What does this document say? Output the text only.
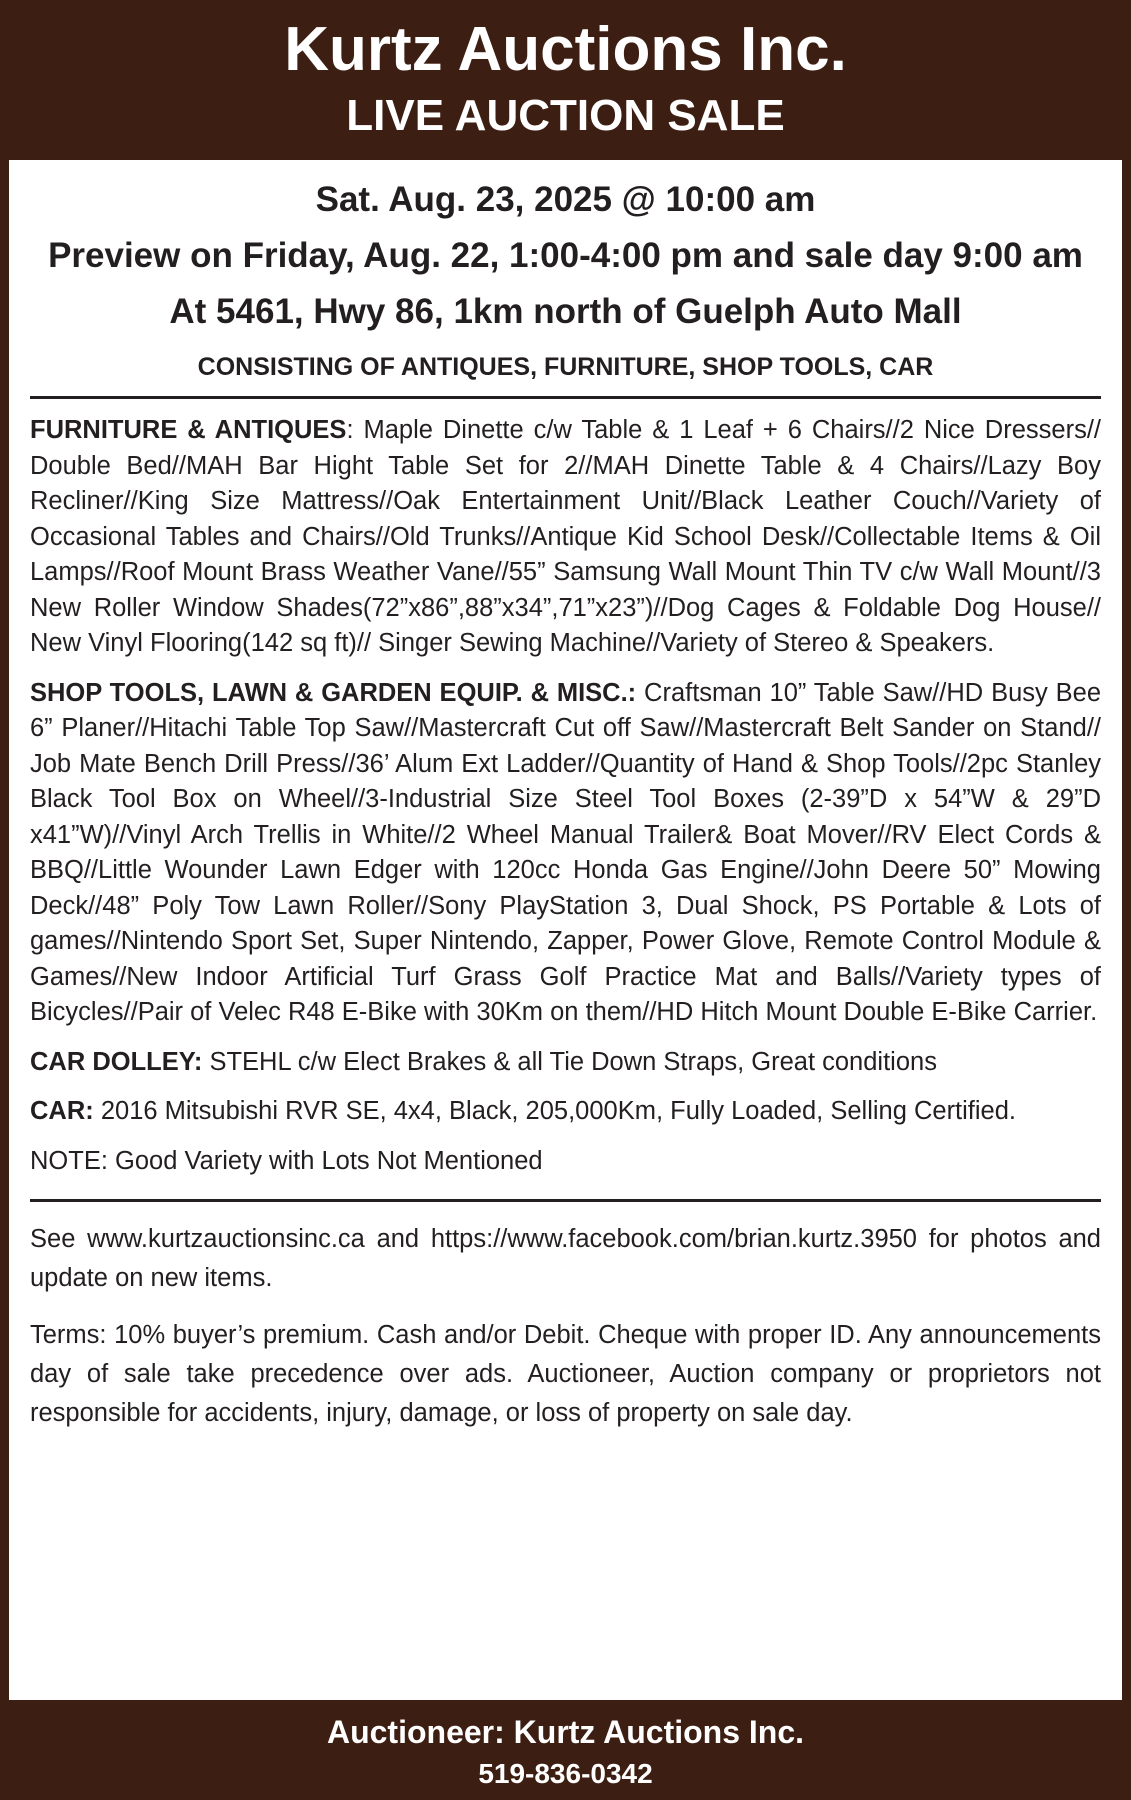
Kurtz Auctions Inc.
LIVE AUCTION SALE
Sat. Aug. 23, 2025 @ 10:00 am
Preview on Friday, Aug. 22, 1:00-4:00 pm and sale day 9:00 am
At 5461, Hwy 86, 1km north of Guelph Auto Mall
CONSISTING OF ANTIQUES, FURNITURE, SHOP TOOLS, CAR
FURNITURE & ANTIQUES: Maple Dinette c/w Table & 1 Leaf + 6 Chairs//2 Nice Dressers// Double Bed//MAH Bar Hight Table Set for 2//MAH Dinette Table & 4 Chairs//Lazy Boy Recliner//King Size Mattress//Oak Entertainment Unit//Black Leather Couch//Variety of Occasional Tables and Chairs//Old Trunks//Antique Kid School Desk//Collectable Items & Oil Lamps//Roof Mount Brass Weather Vane//55” Samsung Wall Mount Thin TV c/w Wall Mount//3 New Roller Window Shades(72”x86”,88”x34”,71”x23”)//Dog Cages & Foldable Dog House// New Vinyl Flooring(142 sq ft)// Singer Sewing Machine//Variety of Stereo & Speakers.
SHOP TOOLS, LAWN & GARDEN EQUIP. & MISC.: Craftsman 10” Table Saw//HD Busy Bee 6” Planer//Hitachi Table Top Saw//Mastercraft Cut off Saw//Mastercraft Belt Sander on Stand// Job Mate Bench Drill Press//36’ Alum Ext Ladder//Quantity of Hand & Shop Tools//2pc Stanley Black Tool Box on Wheel//3-Industrial Size Steel Tool Boxes (2-39”D x 54”W & 29”D x41”W)//Vinyl Arch Trellis in White//2 Wheel Manual Trailer& Boat Mover//RV Elect Cords & BBQ//Little Wounder Lawn Edger with 120cc Honda Gas Engine//John Deere 50” Mowing Deck//48” Poly Tow Lawn Roller//Sony PlayStation 3, Dual Shock, PS Portable & Lots of games//Nintendo Sport Set, Super Nintendo, Zapper, Power Glove, Remote Control Module & Games//New Indoor Artificial Turf Grass Golf Practice Mat and Balls//Variety types of Bicycles//Pair of Velec R48 E-Bike with 30Km on them//HD Hitch Mount Double E-Bike Carrier.
CAR DOLLEY: STEHL c/w Elect Brakes & all Tie Down Straps, Great conditions
CAR: 2016 Mitsubishi RVR SE, 4x4, Black, 205,000Km, Fully Loaded, Selling Certified.
NOTE: Good Variety with Lots Not Mentioned
See www.kurtzauctionsinc.ca and https://www.facebook.com/brian.kurtz.3950 for photos and update on new items.
Terms: 10% buyer’s premium. Cash and/or Debit. Cheque with proper ID. Any announcements day of sale take precedence over ads. Auctioneer, Auction company or proprietors not responsible for accidents, injury, damage, or loss of property on sale day.
Auctioneer: Kurtz Auctions Inc.
519-836-0342
